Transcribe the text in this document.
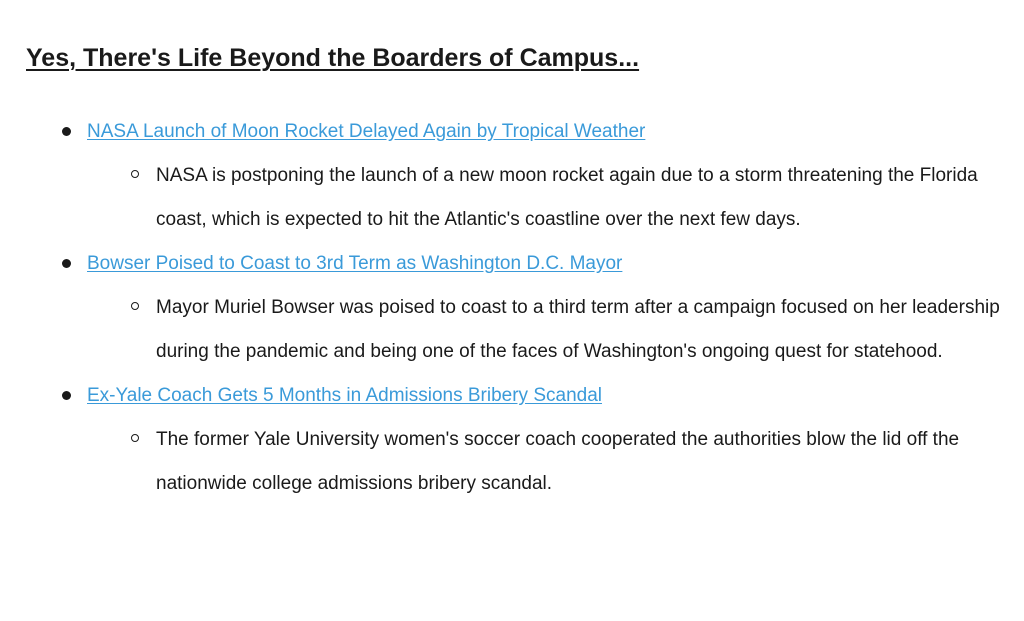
Yes, There's Life Beyond the Boarders of Campus...
NASA Launch of Moon Rocket Delayed Again by Tropical Weather
NASA is postponing the launch of a new moon rocket again due to a storm threatening the Florida coast, which is expected to hit the Atlantic's coastline over the next few days.
Bowser Poised to Coast to 3rd Term as Washington D.C. Mayor
Mayor Muriel Bowser was poised to coast to a third term after a campaign focused on her leadership during the pandemic and being one of the faces of Washington's ongoing quest for statehood.
Ex-Yale Coach Gets 5 Months in Admissions Bribery Scandal
The former Yale University women's soccer coach cooperated the authorities blow the lid off the nationwide college admissions bribery scandal.
